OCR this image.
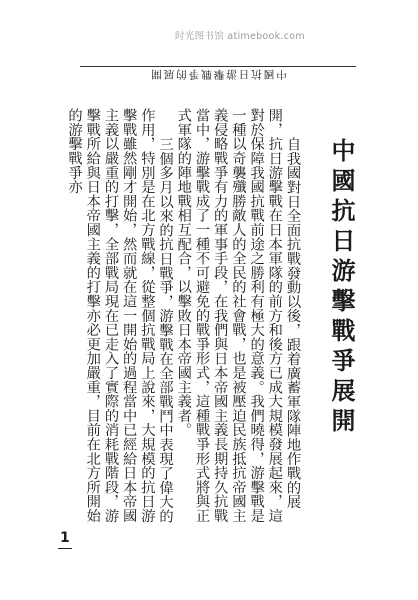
时光图书馆 atimebook.com
中國抗日游擊戰爭的展開
中國抗日游擊戰爭展開

自我國對日全面抗戰發動以後，跟着廣蓄軍隊陣地作戰的展開，抗日游擊戰在日本軍隊的前方和後方已成大規模發展起來，這對於保障我國抗戰前途之勝利有極大的意義。我們曉得，游擊戰是一種以奇襲殲勝敵人的全民的社會戰，也是被壓迫民族抵抗帝國主義侵略戰爭有力的軍事手段，在我們與日本帝國主義長期持久抗戰當中，游擊戰成了一種不可避免的戰爭形式，這種戰爭形式將與正式軍隊的陣地戰相互配合，以擊敗日本帝國主義者。

三個多月以來的抗日戰爭，游擊戰在全部戰鬥中表現了偉大的作用，特別是在北方戰線，從整個抗戰局上說來，大規模的抗日游擊戰雖然剛才開始，然而就在這一開始的過程當中已經給日本帝國主義以嚴重的打擊，全部戰局現在已走入了實際的消耗戰階段，游擊戰所給與日本帝國主義的打擊亦必更加嚴重，目前在北方所開始的游擊戰爭亦

1
